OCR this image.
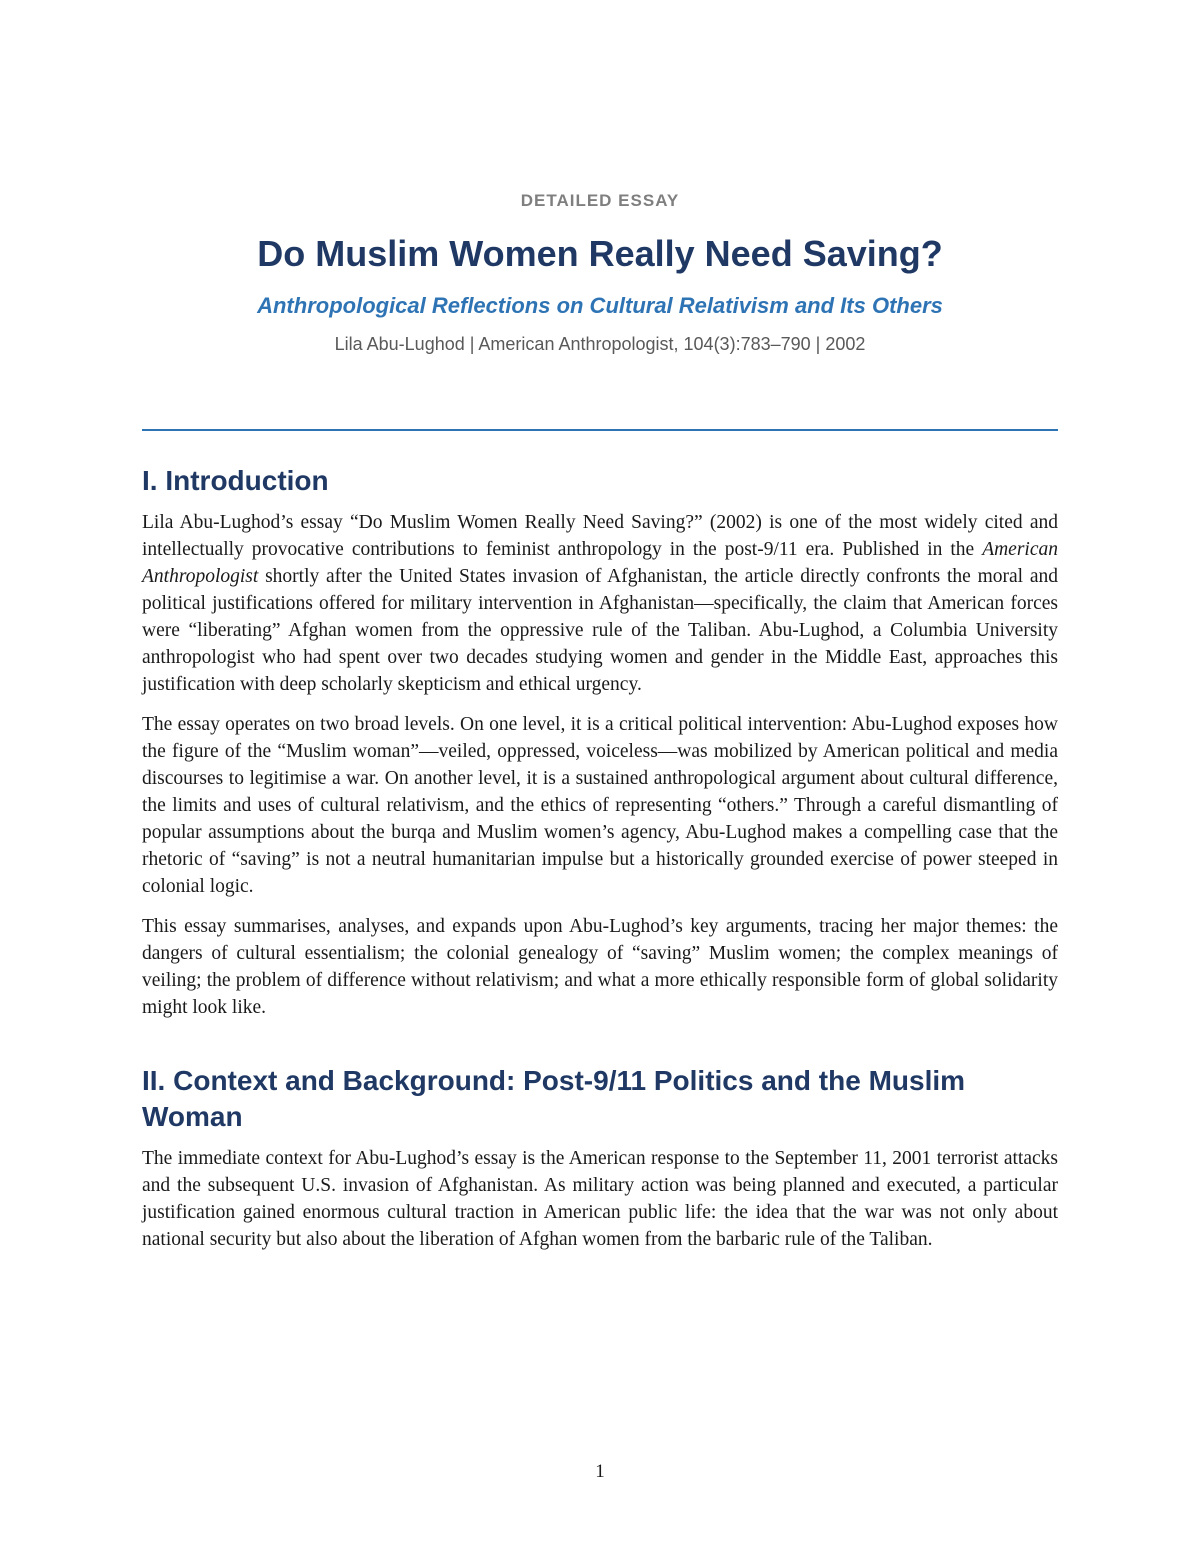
DETAILED ESSAY

Do Muslim Women Really Need Saving?

Anthropological Reflections on Cultural Relativism and Its Others

Lila Abu-Lughod | American Anthropologist, 104(3):783–790 | 2002

I. Introduction

Lila Abu-Lughod’s essay “Do Muslim Women Really Need Saving?” (2002) is one of the most widely cited and intellectually provocative contributions to feminist anthropology in the post-9/11 era. Published in the American Anthropologist shortly after the United States invasion of Afghanistan, the article directly confronts the moral and political justifications offered for military intervention in Afghanistan—specifically, the claim that American forces were “liberating” Afghan women from the oppressive rule of the Taliban. Abu-Lughod, a Columbia University anthropologist who had spent over two decades studying women and gender in the Middle East, approaches this justification with deep scholarly skepticism and ethical urgency.

The essay operates on two broad levels. On one level, it is a critical political intervention: Abu-Lughod exposes how the figure of the “Muslim woman”—veiled, oppressed, voiceless—was mobilized by American political and media discourses to legitimise a war. On another level, it is a sustained anthropological argument about cultural difference, the limits and uses of cultural relativism, and the ethics of representing “others.” Through a careful dismantling of popular assumptions about the burqa and Muslim women’s agency, Abu-Lughod makes a compelling case that the rhetoric of “saving” is not a neutral humanitarian impulse but a historically grounded exercise of power steeped in colonial logic.

This essay summarises, analyses, and expands upon Abu-Lughod’s key arguments, tracing her major themes: the dangers of cultural essentialism; the colonial genealogy of “saving” Muslim women; the complex meanings of veiling; the problem of difference without relativism; and what a more ethically responsible form of global solidarity might look like.

II. Context and Background: Post-9/11 Politics and the Muslim Woman

The immediate context for Abu-Lughod’s essay is the American response to the September 11, 2001 terrorist attacks and the subsequent U.S. invasion of Afghanistan. As military action was being planned and executed, a particular justification gained enormous cultural traction in American public life: the idea that the war was not only about national security but also about the liberation of Afghan women from the barbaric rule of the Taliban.

1
